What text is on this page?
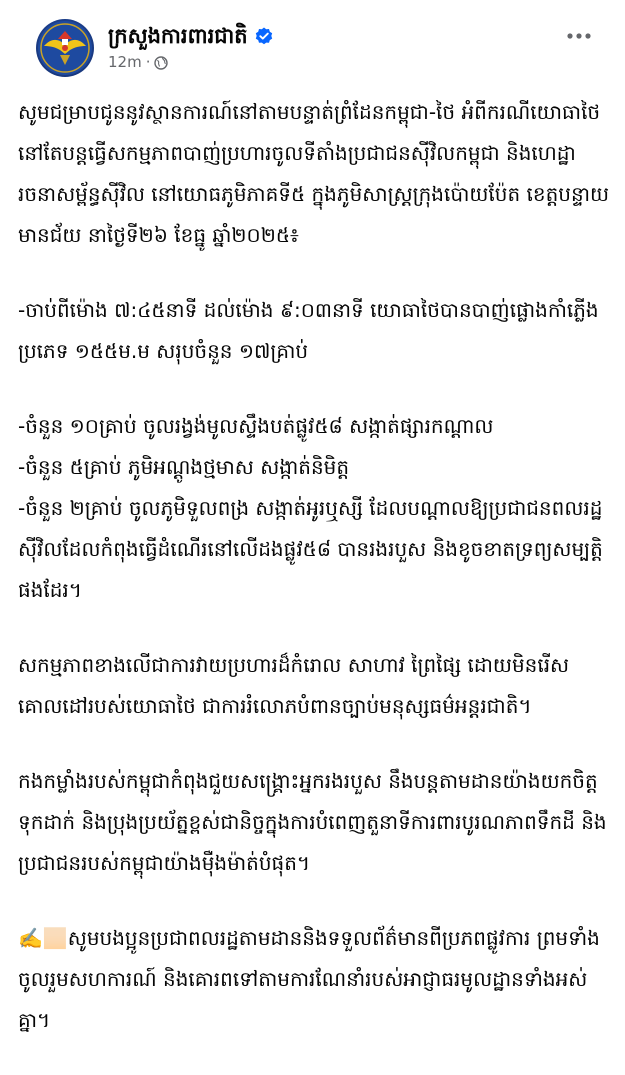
ក្រសួងការពារជាតិ
12m ·

សូមជម្រាបជូននូវស្ថានការណ៍នៅតាមបន្ទាត់ព្រំដែនកម្ពុជា-ថៃ អំពីករណីយោធាថៃនៅតែបន្តធ្វើសកម្មភាពបាញ់ប្រហារចូលទីតាំងប្រជាជនស៊ីវិលកម្ពុជា និងហេដ្ឋារចនាសម្ព័ន្ធស៊ីវិល នៅយោធភូមិភាគទី៥ ក្នុងភូមិសាស្ត្រក្រុងប៉ោយប៉ែត ខេត្តបន្ទាយមានជ័យ នាថ្ងៃទី២៦ ខែធ្នូ ឆ្នាំ២០២៥៖

-ចាប់ពីម៉ោង ៧:៤៥នាទី ដល់ម៉ោង ៩:០៣នាទី យោធាថៃបានបាញ់ផ្លោងកាំភ្លើងប្រភេទ ១៥៥ម.ម សរុបចំនួន ១៧គ្រាប់

-ចំនួន ១០គ្រាប់ ចូលរង្វង់មូលស្ទឹងបត់ផ្លូវ៥៨ សង្កាត់ផ្សារកណ្តាល
-ចំនួន ៥គ្រាប់ ភូមិអណ្តូងថ្មមាស សង្កាត់និមិត្ត
-ចំនួន ២គ្រាប់ ចូលភូមិទួលពង្រ សង្កាត់អូរឬស្សី ដែលបណ្តាលឱ្យប្រជាជនពលរដ្ឋស៊ីវិលដែលកំពុងធ្វើដំណើរនៅលើដងផ្លូវ៥៨ បានរងរបួស និងខូចខាតទ្រព្យសម្បត្តិផងដែរ។

សកម្មភាពខាងលើជាការវាយប្រហារដ៏កំរោល សាហាវ ព្រៃផ្សៃ ដោយមិនរើសគោលដៅរបស់យោធាថៃ ជាការរំលោភបំពានច្បាប់មនុស្សធម៌អន្តរជាតិ។

កងកម្លាំងរបស់កម្ពុជាកំពុងជួយសង្គ្រោះអ្នករងរបួស នឹងបន្តតាមដានយ៉ាងយកចិត្តទុកដាក់ និងប្រុងប្រយ័ត្នខ្ពស់ជានិច្ចក្នុងការបំពេញតួនាទីការពារបូរណភាពទឹកដី និងប្រជាជនរបស់កម្ពុជាយ៉ាងម៉ឺងម៉ាត់បំផុត។

✍🏻សូមបងប្អូនប្រជាពលរដ្ឋតាមដាននិងទទួលព័ត៌មានពីប្រភពផ្លូវការ ព្រមទាំងចូលរួមសហការណ៍ និងគោរពទៅតាមការណែនាំរបស់អាជ្ញាធរមូលដ្ឋានទាំងអស់គ្នា។
